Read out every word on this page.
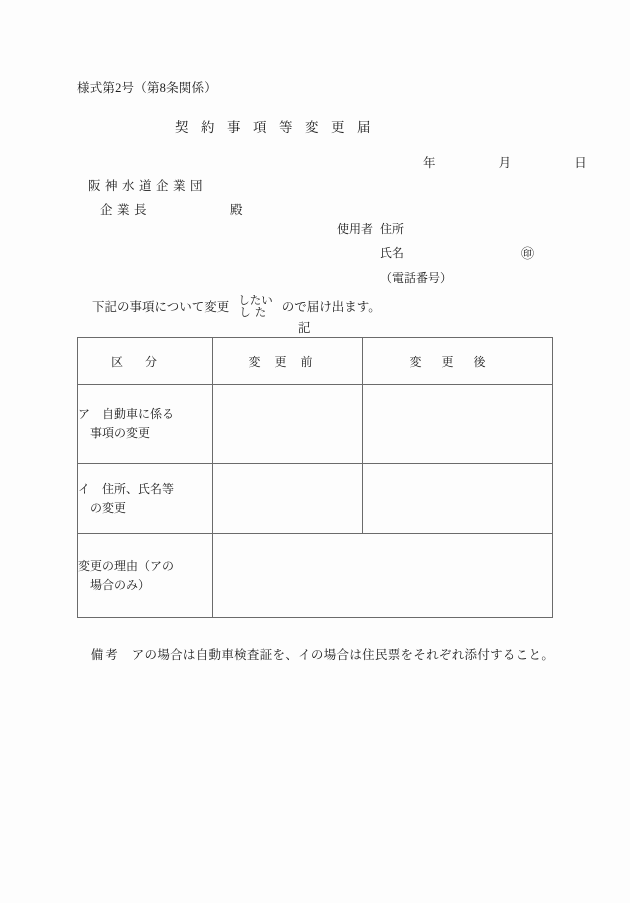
様式第2号（第8条関係）
契約事項等変更届
年 月 日
阪神水道企業団
企業長	殿
使用者 住所
氏名	㊞
（電話番号）
下記の事項について変更 したい
した ので届け出ます。
記
区分	変更前	変更後
ア　自動車に係る
事項の変更		

イ　住所、氏名等
の変更		

変更の理由（アの
場合のみ）		

備考 アの場合は自動車検査証を、イの場合は住民票をそれぞれ添付すること。
